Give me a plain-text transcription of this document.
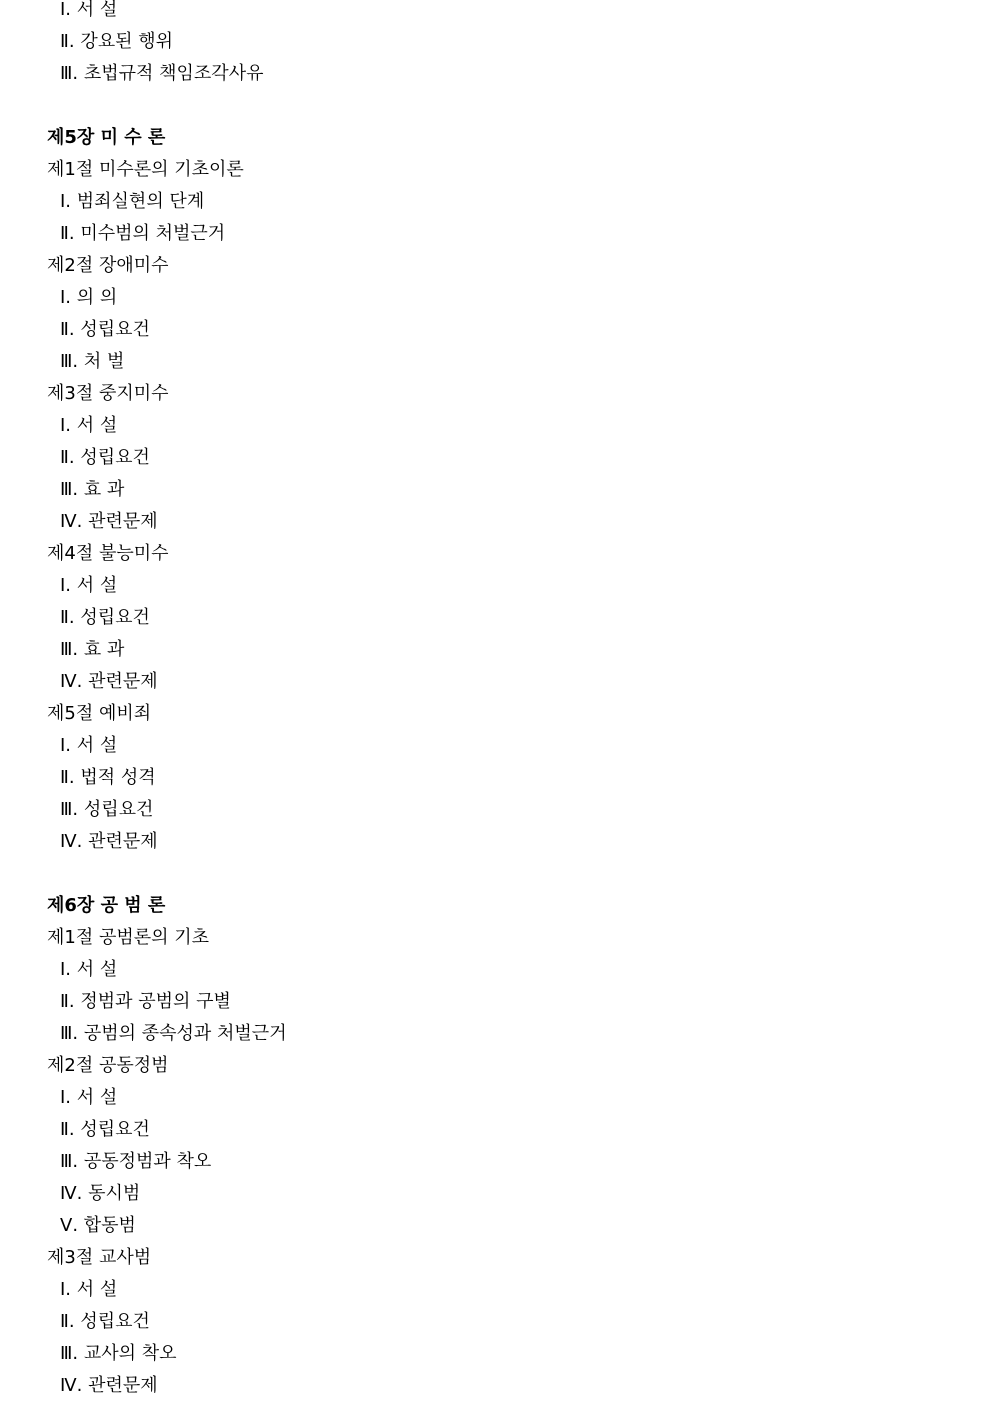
Ⅰ. 서 설
Ⅱ. 강요된 행위
Ⅲ. 초법규적 책임조각사유
제5장 미 수 론
제1절 미수론의 기초이론
Ⅰ. 범죄실현의 단계
Ⅱ. 미수범의 처벌근거
제2절 장애미수
Ⅰ. 의 의
Ⅱ. 성립요건
Ⅲ. 처 벌
제3절 중지미수
Ⅰ. 서 설
Ⅱ. 성립요건
Ⅲ. 효 과
Ⅳ. 관련문제
제4절 불능미수
Ⅰ. 서 설
Ⅱ. 성립요건
Ⅲ. 효 과
Ⅳ. 관련문제
제5절 예비죄
Ⅰ. 서 설
Ⅱ. 법적 성격
Ⅲ. 성립요건
Ⅳ. 관련문제
제6장 공 범 론
제1절 공범론의 기초
Ⅰ. 서 설
Ⅱ. 정범과 공범의 구별
Ⅲ. 공범의 종속성과 처벌근거
제2절 공동정범
Ⅰ. 서 설
Ⅱ. 성립요건
Ⅲ. 공동정범과 착오
Ⅳ. 동시범
Ⅴ. 합동범
제3절 교사범
Ⅰ. 서 설
Ⅱ. 성립요건
Ⅲ. 교사의 착오
Ⅳ. 관련문제
